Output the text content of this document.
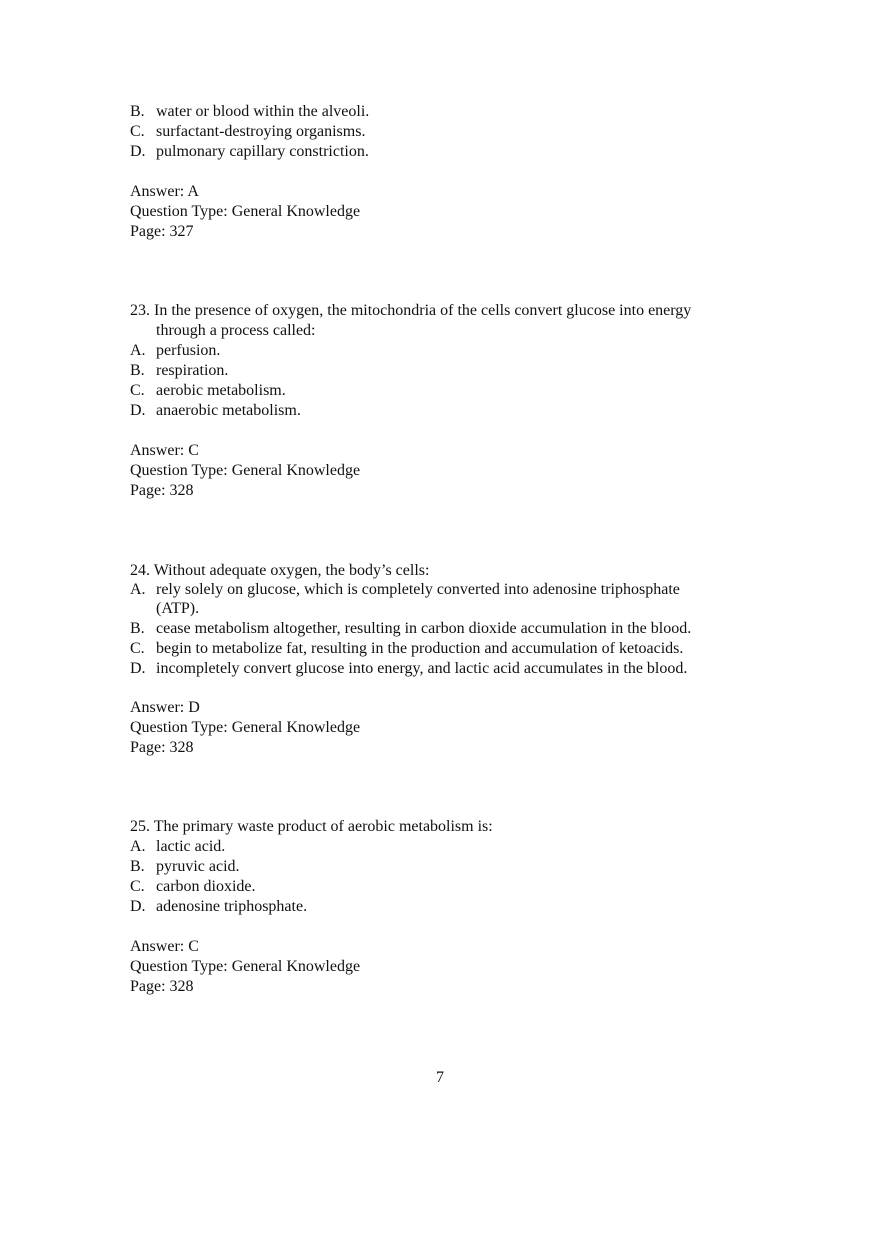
B. water or blood within the alveoli.
C. surfactant-destroying organisms.
D. pulmonary capillary constriction.
Answer: A
Question Type: General Knowledge
Page: 327
23. In the presence of oxygen, the mitochondria of the cells convert glucose into energy
through a process called:
A. perfusion.
B. respiration.
C. aerobic metabolism.
D. anaerobic metabolism.
Answer: C
Question Type: General Knowledge
Page: 328
24. Without adequate oxygen, the body’s cells:
A. rely solely on glucose, which is completely converted into adenosine triphosphate
(ATP).
B. cease metabolism altogether, resulting in carbon dioxide accumulation in the blood.
C. begin to metabolize fat, resulting in the production and accumulation of ketoacids.
D. incompletely convert glucose into energy, and lactic acid accumulates in the blood.
Answer: D
Question Type: General Knowledge
Page: 328
25. The primary waste product of aerobic metabolism is:
A. lactic acid.
B. pyruvic acid.
C. carbon dioxide.
D. adenosine triphosphate.
Answer: C
Question Type: General Knowledge
Page: 328
7
